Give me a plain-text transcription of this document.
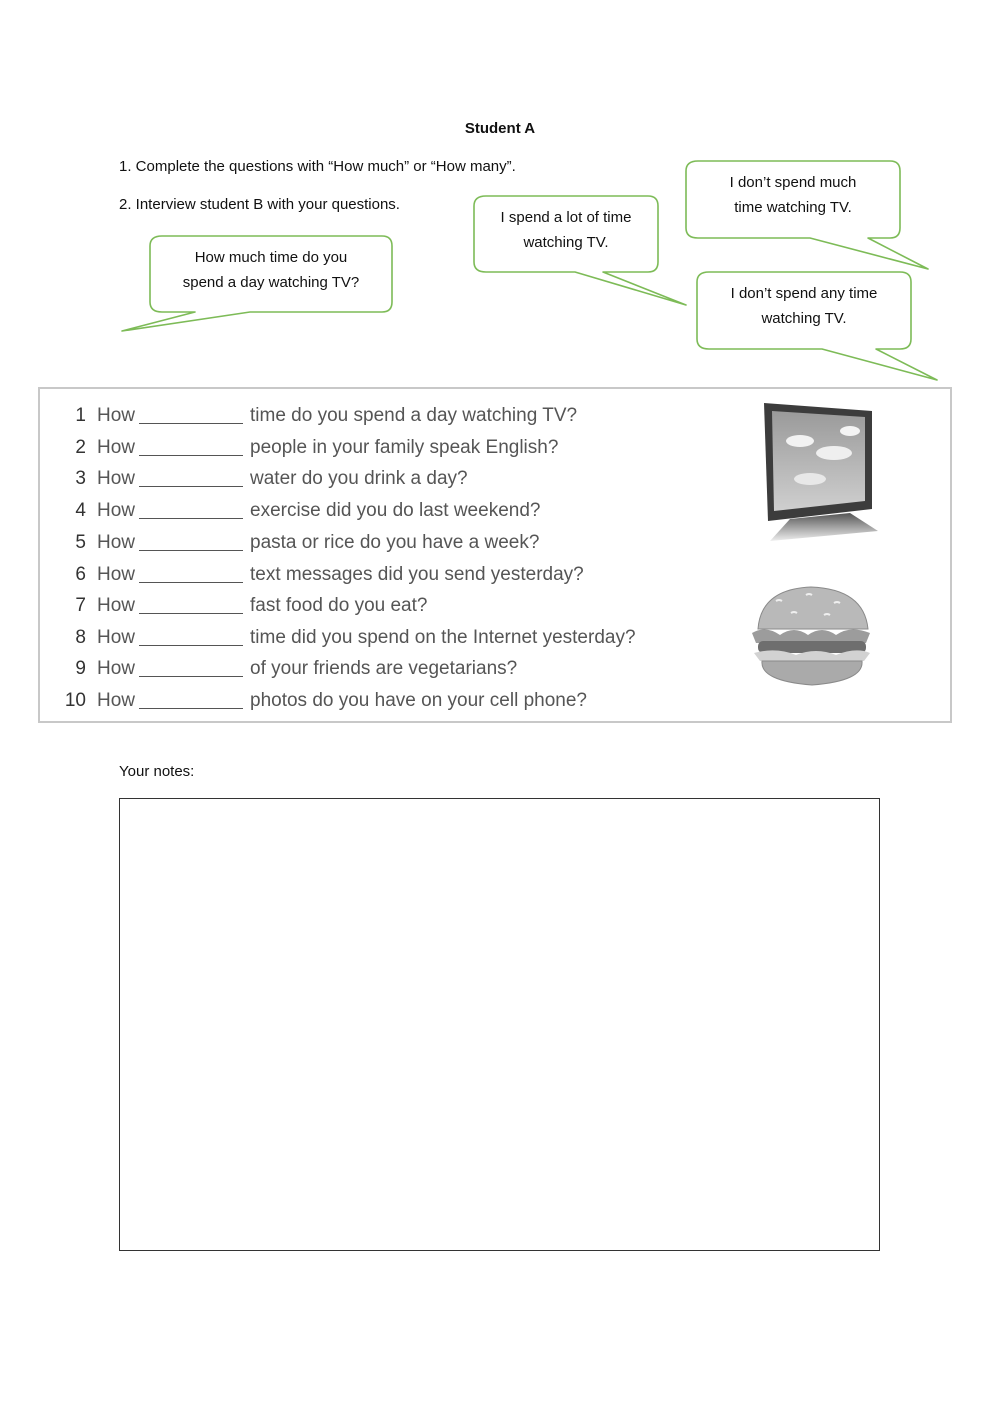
Student A
1. Complete the questions with “How much” or “How many”.
2. Interview student B with your questions.
How much time do you
spend a day watching TV?
I spend a lot of time
watching TV.
I don’t spend much
time watching TV.
I don’t spend any time
watching TV.
1 How	time do you spend a day watching TV?
2 How	people in your family speak English?
3 How	water do you drink a day?
4 How	exercise did you do last weekend?
5 How	pasta or rice do you have a week?
6 How	text messages did you send yesterday?
7 How	fast food do you eat?
8 How	time did you spend on the Internet yesterday?
9 How	of your friends are vegetarians?
10 How	photos do you have on your cell phone?
Your notes:
